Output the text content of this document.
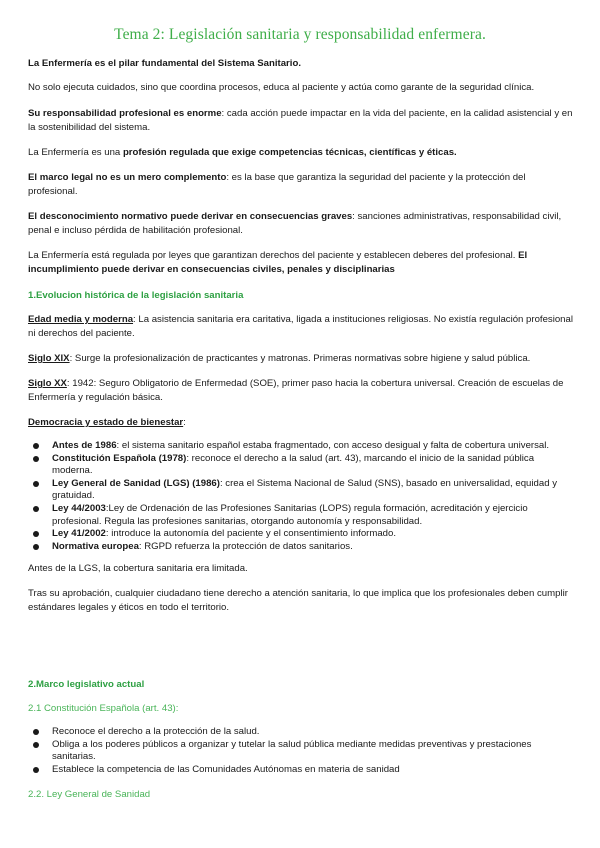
Tema 2: Legislación sanitaria y responsabilidad enfermera.

La Enfermería es el pilar fundamental del Sistema Sanitario.

No solo ejecuta cuidados, sino que coordina procesos, educa al paciente y actúa como garante de la seguridad clínica.

Su responsabilidad profesional es enorme: cada acción puede impactar en la vida del paciente, en la calidad asistencial y en la sostenibilidad del sistema.

La Enfermería es una profesión regulada que exige competencias técnicas, científicas y éticas.

El marco legal no es un mero complemento: es la base que garantiza la seguridad del paciente y la protección del profesional.

El desconocimiento normativo puede derivar en consecuencias graves: sanciones administrativas, responsabilidad civil, penal e incluso pérdida de habilitación profesional.

La Enfermería está regulada por leyes que garantizan derechos del paciente y establecen deberes del profesional. El incumplimiento puede derivar en consecuencias civiles, penales y disciplinarias

1.Evolucion histórica de la legislación sanitaria

Edad media y moderna: La asistencia sanitaria era caritativa, ligada a instituciones religiosas. No existía regulación profesional ni derechos del paciente.

Siglo XIX: Surge la profesionalización de practicantes y matronas. Primeras normativas sobre higiene y salud pública.

Siglo XX: 1942: Seguro Obligatorio de Enfermedad (SOE), primer paso hacia la cobertura universal. Creación de escuelas de Enfermería y regulación básica.

Democracia y estado de bienestar:

Antes de 1986: el sistema sanitario español estaba fragmentado, con acceso desigual y falta de cobertura universal.
Constitución Española (1978): reconoce el derecho a la salud (art. 43), marcando el inicio de la sanidad pública moderna.
Ley General de Sanidad (LGS) (1986): crea el Sistema Nacional de Salud (SNS), basado en universalidad, equidad y gratuidad.
Ley 44/2003:Ley de Ordenación de las Profesiones Sanitarias (LOPS) regula formación, acreditación y ejercicio profesional. Regula las profesiones sanitarias, otorgando autonomía y responsabilidad.
Ley 41/2002: introduce la autonomía del paciente y el consentimiento informado.
Normativa europea: RGPD refuerza la protección de datos sanitarios.

Antes de la LGS, la cobertura sanitaria era limitada.

Tras su aprobación, cualquier ciudadano tiene derecho a atención sanitaria, lo que implica que los profesionales deben cumplir estándares legales y éticos en todo el territorio.

2.Marco legislativo actual

2.1 Constitución Española (art. 43):

Reconoce el derecho a la protección de la salud.
Obliga a los poderes públicos a organizar y tutelar la salud pública mediante medidas preventivas y prestaciones sanitarias.
Establece la competencia de las Comunidades Autónomas en materia de sanidad

2.2. Ley General de Sanidad
